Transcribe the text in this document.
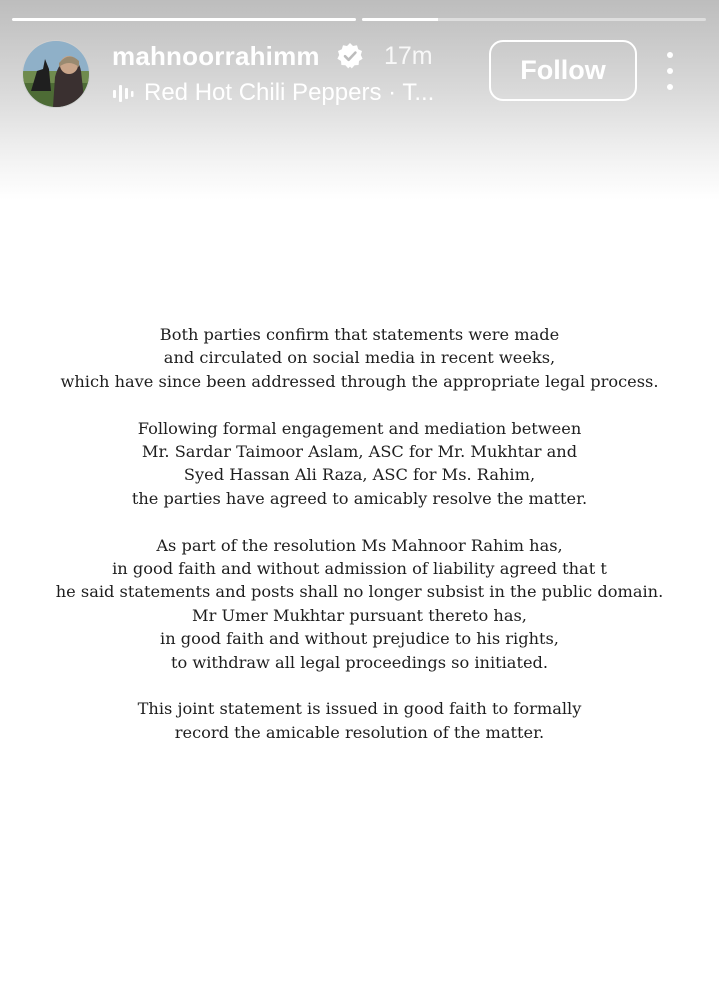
mahnoorrahimm	17m
Red Hot Chili Peppers · T...
Follow

Both parties confirm that statements were made
and circulated on social media in recent weeks,
which have since been addressed through the appropriate legal process.

Following formal engagement and mediation between
Mr. Sardar Taimoor Aslam, ASC for Mr. Mukhtar and
Syed Hassan Ali Raza, ASC for Ms. Rahim,
the parties have agreed to amicably resolve the matter.

As part of the resolution Ms Mahnoor Rahim has,
in good faith and without admission of liability agreed that t
he said statements and posts shall no longer subsist in the public domain.
Mr Umer Mukhtar pursuant thereto has,
in good faith and without prejudice to his rights,
to withdraw all legal proceedings so initiated.

This joint statement is issued in good faith to formally
record the amicable resolution of the matter.
